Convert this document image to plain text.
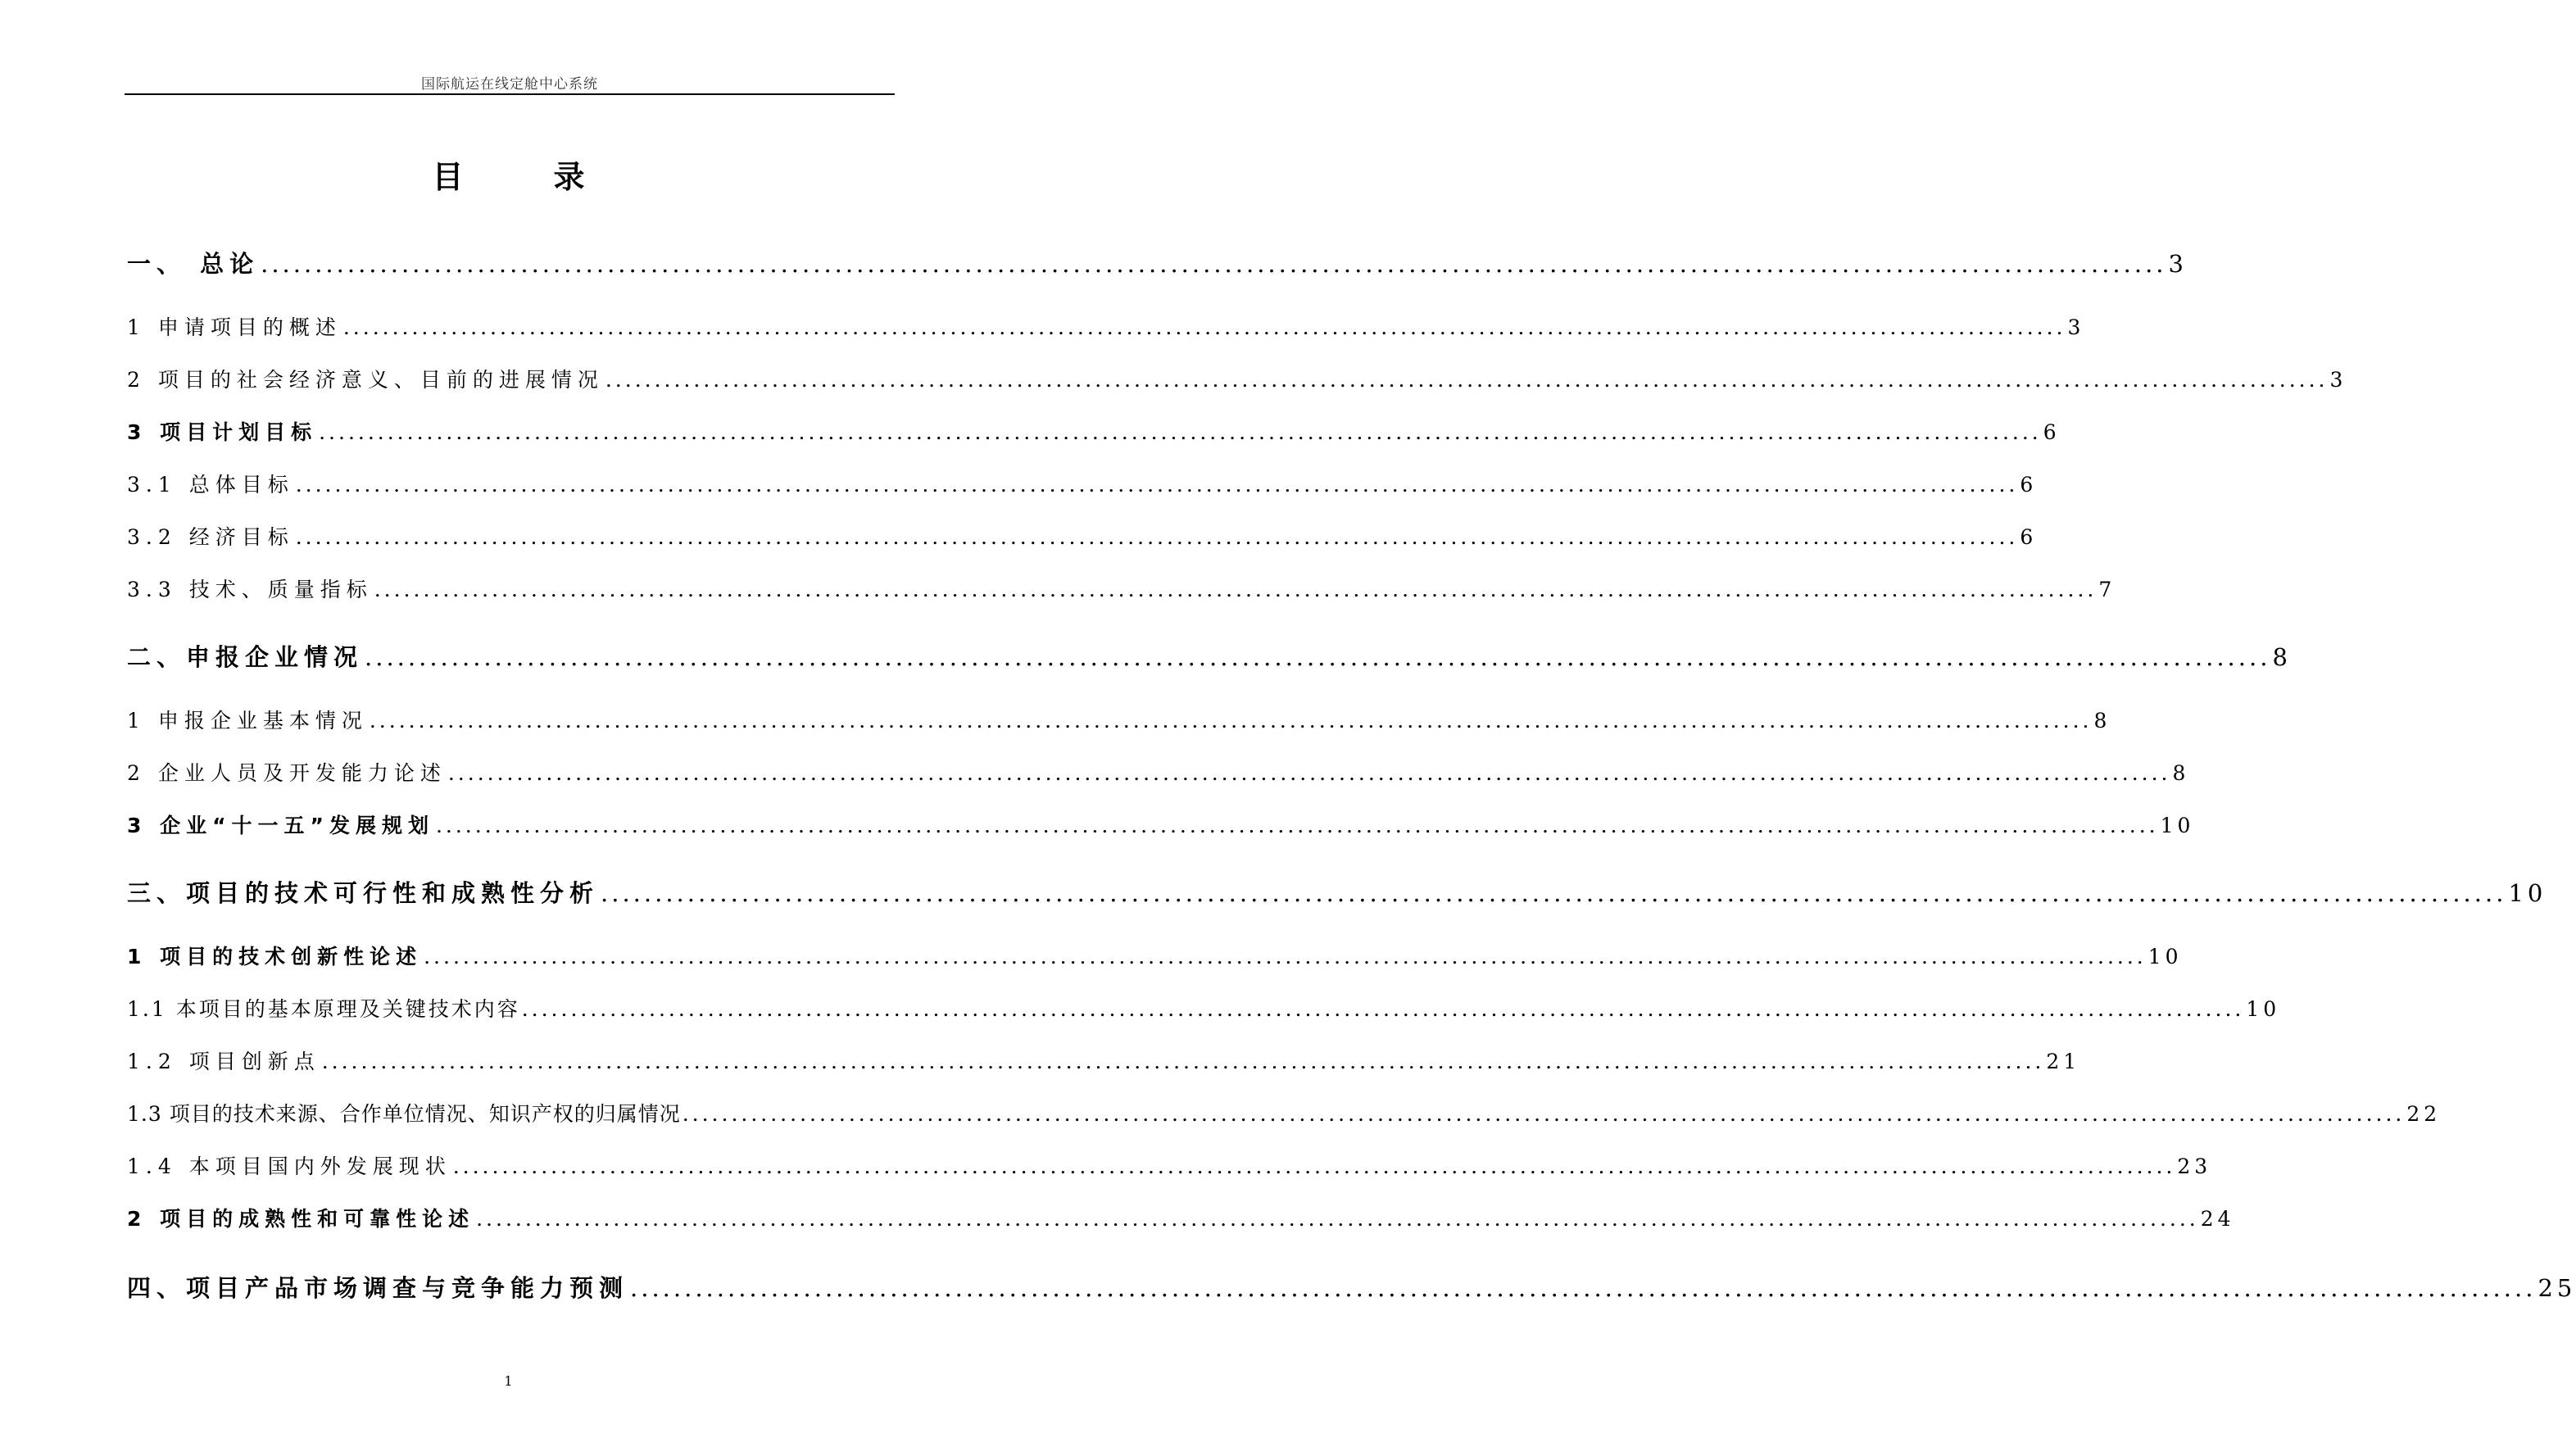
国际航运在线定舱中心系统
目	录
一、 总论 .....	3
1 申请项目的概述 .....	3
2 项目的社会经济意义、目前的进展情况 .....	3
3 项目计划目标 .....	6
3.1 总体目标 .....	6
3.2 经济目标 .....	6
3.3 技术、质量指标 .....	7
二、申报企业情况 .....	8
1 申报企业基本情况 .....	8
2 企业人员及开发能力论述 .....	8
3 企业“十一五”发展规划 .....	10
三、项目的技术可行性和成熟性分析 .....	10
1 项目的技术创新性论述 .....	10
1.1 本项目的基本原理及关键技术内容 .....	10
1.2 项目创新点 .....	21
1.3 项目的技术来源、合作单位情况、知识产权的归属情况 .....	22
1.4 本项目国内外发展现状 .....	23
2 项目的成熟性和可靠性论述 .....	24
四、项目产品市场调查与竞争能力预测 .....	25
1
